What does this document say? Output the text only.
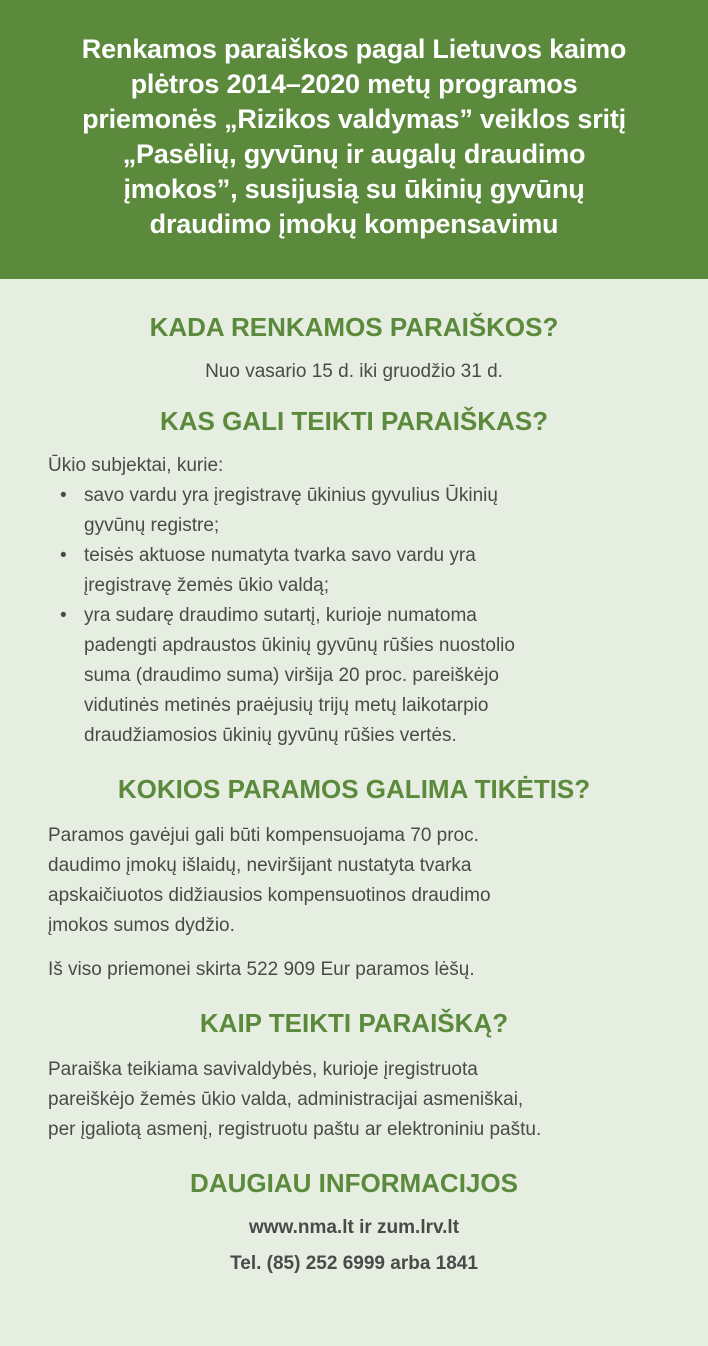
Renkamos paraiškos pagal Lietuvos kaimo
plėtros 2014–2020 metų programos
priemonės „Rizikos valdymas” veiklos sritį
„Pasėlių, gyvūnų ir augalų draudimo
įmokos”, susijusią su ūkinių gyvūnų
draudimo įmokų kompensavimu
KADA RENKAMOS PARAIŠKOS?

Nuo vasario 15 d. iki gruodžio 31 d.

KAS GALI TEIKTI PARAIŠKAS?

Ūkio subjektai, kurie:

• savo vardu yra įregistravę ūkinius gyvulius Ūkinių
gyvūnų registre;
• teisės aktuose numatyta tvarka savo vardu yra
įregistravę žemės ūkio valdą;
• yra sudarę draudimo sutartį, kurioje numatoma
padengti apdraustos ūkinių gyvūnų rūšies nuostolio
suma (draudimo suma) viršija 20 proc. pareiškėjo
vidutinės metinės praėjusių trijų metų laikotarpio
draudžiamosios ūkinių gyvūnų rūšies vertės.
KOKIOS PARAMOS GALIMA TIKĖTIS?

Paramos gavėjui gali būti kompensuojama 70 proc.
daudimo įmokų išlaidų, neviršijant nustatyta tvarka
apskaičiuotos didžiausios kompensuotinos draudimo
įmokos sumos dydžio.

Iš viso priemonei skirta 522 909 Eur paramos lėšų.

KAIP TEIKTI PARAIŠKĄ?

Paraiška teikiama savivaldybės, kurioje įregistruota
pareiškėjo žemės ūkio valda, administracijai asmeniškai,
per įgaliotą asmenį, registruotu paštu ar elektroniniu paštu.

DAUGIAU INFORMACIJOS

www.nma.lt ir zum.lrv.lt

Tel. (85) 252 6999 arba 1841
